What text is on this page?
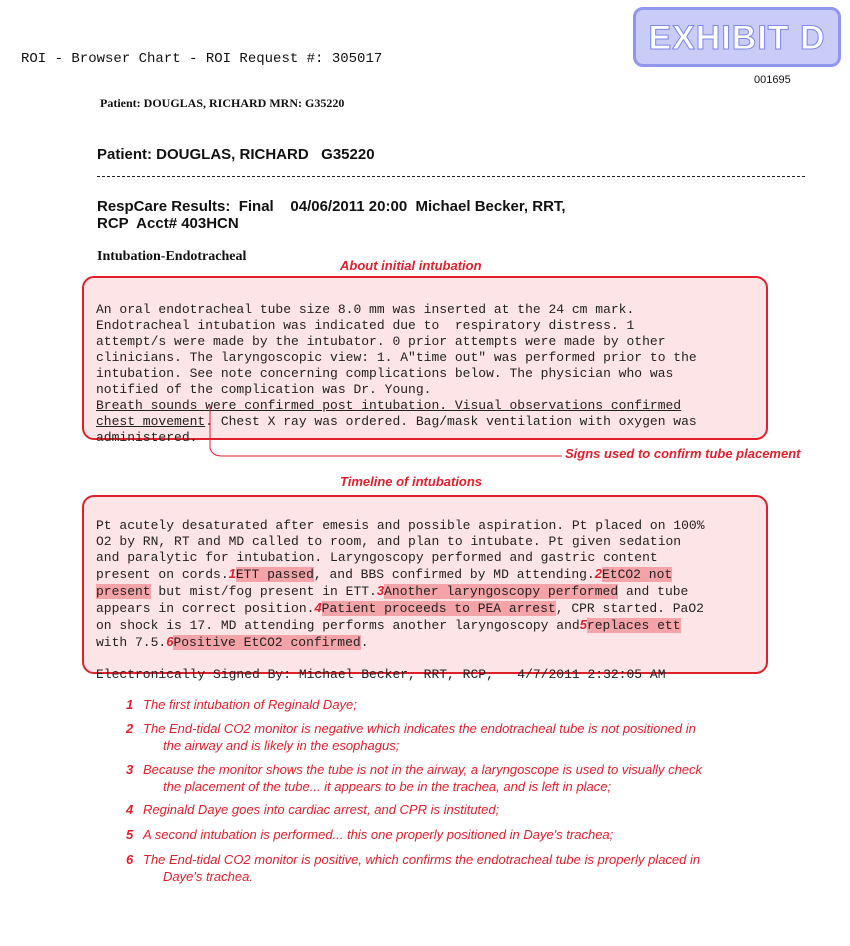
EXHIBIT D
001695
ROI - Browser Chart - ROI Request #: 305017
Patient: DOUGLAS, RICHARD MRN: G35220
Patient: DOUGLAS, RICHARD   G35220
RespCare Results:  Final    04/06/2011 20:00  Michael Becker, RRT,
RCP  Acct# 403HCN
Intubation-Endotracheal
About initial intubation

An oral endotracheal tube size 8.0 mm was inserted at the 24 cm mark.
Endotracheal intubation was indicated due to  respiratory distress. 1
attempt/s were made by the intubator. 0 prior attempts were made by other
clinicians. The laryngoscopic view: 1. A"time out" was performed prior to the
intubation. See note concerning complications below. The physician who was
notified of the complication was Dr. Young.
Breath sounds were confirmed post intubation. Visual observations confirmed
chest movement. Chest X ray was ordered. Bag/mask ventilation with oxygen was
administered.
Signs used to confirm tube placement
Timeline of intubations

Pt acutely desaturated after emesis and possible aspiration. Pt placed on 100%
O2 by RN, RT and MD called to room, and plan to intubate. Pt given sedation
and paralytic for intubation. Laryngoscopy performed and gastric content
present on cords.1ETT passed, and BBS confirmed by MD attending.2EtCO2 not
present but mist/fog present in ETT.3Another laryngoscopy performed and tube
appears in correct position.4Patient proceeds to PEA arrest, CPR started. PaO2
on shock is 17. MD attending performs another laryngoscopy and5replaces ett
with 7.5.6Positive EtCO2 confirmed.

Electronically Signed By: Michael Becker, RRT, RCP,   4/7/2011 2:32:05 AM
1 The first intubation of Reginald Daye;
2 The End-tidal CO2 monitor is negative which indicates the endotracheal tube is not positioned in
the airway and is likely in the esophagus;
3 Because the monitor shows the tube is not in the airway, a laryngoscope is used to visually check
the placement of the tube... it appears to be in the trachea, and is left in place;
4 Reginald Daye goes into cardiac arrest, and CPR is instituted;
5 A second intubation is performed... this one properly positioned in Daye's trachea;
6 The End-tidal CO2 monitor is positive, which confirms the endotracheal tube is properly placed in
Daye's trachea.
